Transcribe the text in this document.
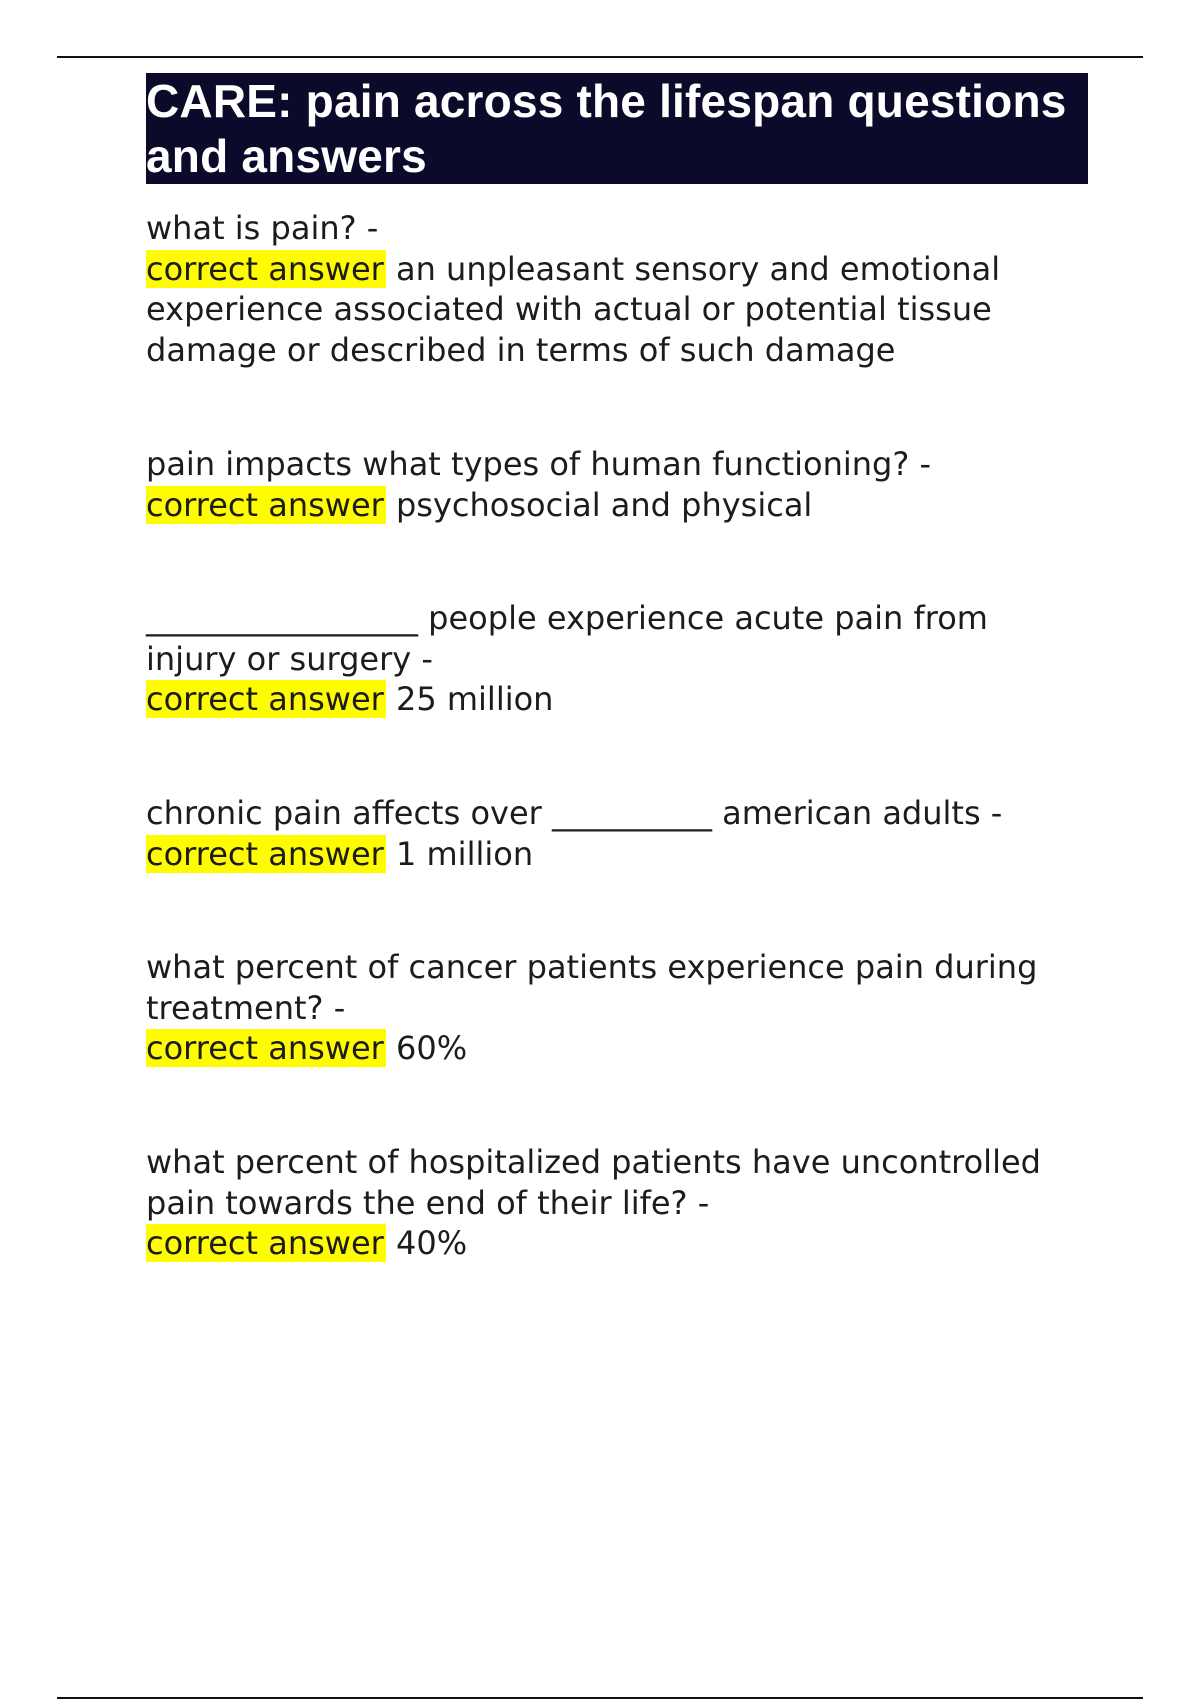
CARE: pain across the lifespan questions and answers

what is pain? -

correct answer an unpleasant sensory and emotional experience associated with actual or potential tissue damage or described in terms of such damage

pain impacts what types of human functioning? -

correct answer psychosocial and physical

_________________ people experience acute pain from injury or surgery -

correct answer 25 million

chronic pain affects over __________ american adults -

correct answer 1 million

what percent of cancer patients experience pain during treatment? -

correct answer 60%

what percent of hospitalized patients have uncontrolled pain towards the end of their life? -

correct answer 40%
